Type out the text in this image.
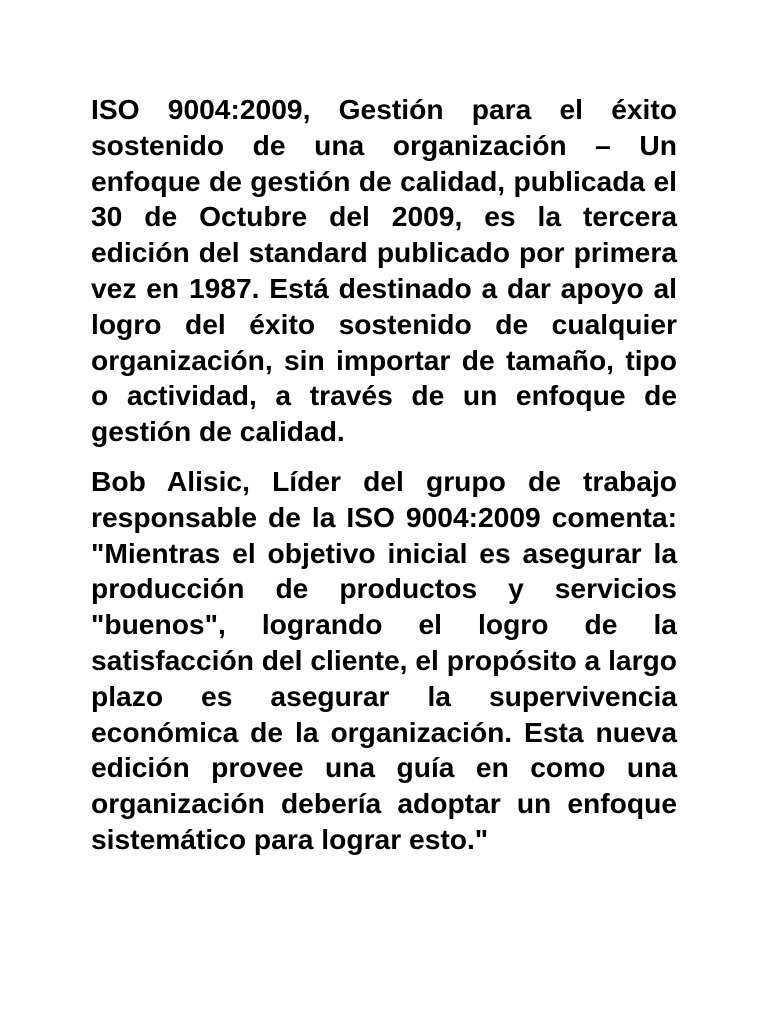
ISO 9004:2009, Gestión para el éxito sostenido de una organización – Un enfoque de gestión de calidad, publicada el 30 de Octubre del 2009, es la tercera edición del standard publicado por primera vez en 1987. Está destinado a dar apoyo al logro del éxito sostenido de cualquier organización, sin importar de tamaño, tipo o actividad, a través de un enfoque de gestión de calidad.

Bob Alisic, Líder del grupo de trabajo responsable de la ISO 9004:2009 comenta: "Mientras el objetivo inicial es asegurar la producción de productos y servicios "buenos", logrando el logro de la satisfacción del cliente, el propósito a largo plazo es asegurar la supervivencia económica de la organización. Esta nueva edición provee una guía en como una organización debería adoptar un enfoque sistemático para lograr esto."
